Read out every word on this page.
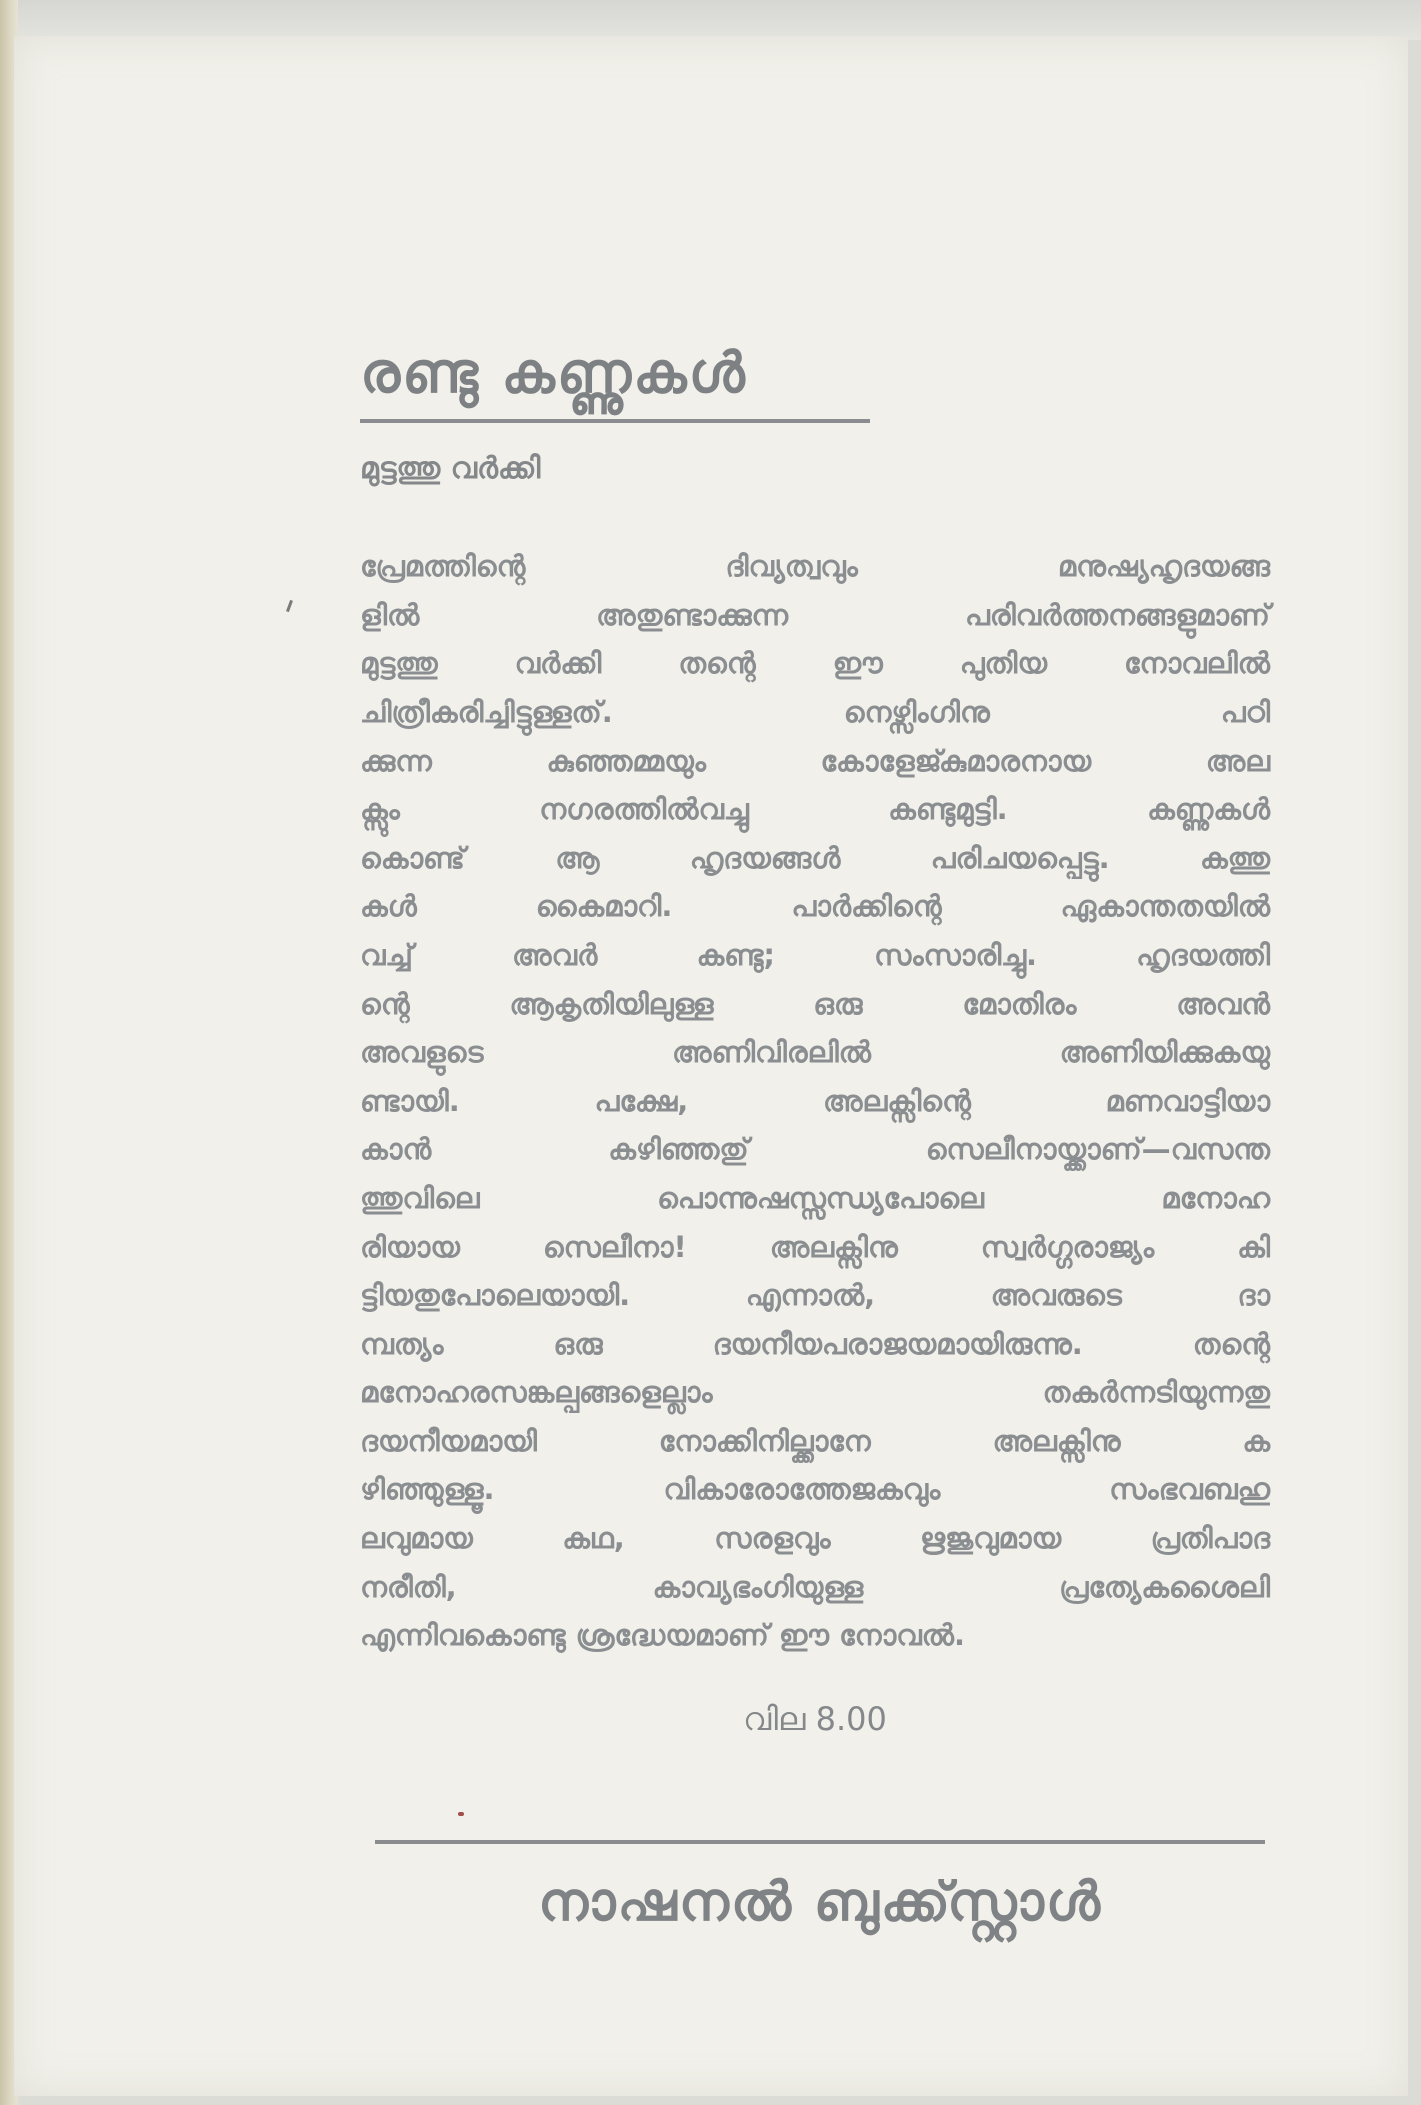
രണ്ടു കണ്ണുകൾ
മുട്ടത്തു വർക്കി
പ്രേമത്തിന്റെ ദിവ്യത്വവും മനുഷ്യഹൃദയങ്ങ
ളിൽ അതുണ്ടാക്കുന്ന പരിവർത്തനങ്ങളുമാണ്
മുട്ടത്തു വർക്കി തന്റെ ഈ പുതിയ നോവലിൽ
ചിത്രീകരിച്ചിട്ടുള്ളത്. നെഴ്സിംഗിനു പഠി
ക്കുന്ന കുഞ്ഞമ്മയും കോളേജ്കുമാരനായ അല
ക്സും നഗരത്തിൽവച്ചു കണ്ടുമുട്ടി. കണ്ണുകൾ
കൊണ്ട് ആ ഹൃദയങ്ങൾ പരിചയപ്പെട്ടു. കത്തു
കൾ കൈമാറി. പാർക്കിന്റെ ഏകാന്തതയിൽ
വച്ച് അവർ കണ്ടു; സംസാരിച്ചു. ഹൃദയത്തി
ന്റെ ആകൃതിയിലുള്ള ഒരു മോതിരം അവൻ
അവളുടെ അണിവിരലിൽ അണിയിക്കുകയു
ണ്ടായി. പക്ഷേ, അലക്സിന്റെ മണവാട്ടിയാ
കാൻ കഴിഞ്ഞതു് സെലീനായ്ക്കാണ്—വസന്ത
ത്തുവിലെ പൊന്നുഷസ്സന്ധ്യപോലെ മനോഹ
രിയായ സെലീനാ! അലക്സിനു സ്വർഗ്ഗരാജ്യം കി
ട്ടിയതുപോലെയായി. എന്നാൽ, അവരുടെ ദാ
മ്പത്യം ഒരു ദയനീയപരാജയമായിരുന്നു. തന്റെ
മനോഹരസങ്കല്പങ്ങളെല്ലാം തകർന്നടിയുന്നതു
ദയനീയമായി നോക്കിനില്ക്കാനേ അലക്സിനു ക
ഴിഞ്ഞുള്ളൂ. വികാരോത്തേജകവും സംഭവബഹു
ലവുമായ കഥ, സരളവും ഋജുവുമായ പ്രതിപാദ
നരീതി, കാവ്യഭംഗിയുള്ള പ്രത്യേകശൈലി
എന്നിവകൊണ്ടു ശ്രദ്ധേയമാണ് ഈ നോവൽ.
വില 8.00
നാഷനൽ ബുക്ക്സ്റ്റാൾ
